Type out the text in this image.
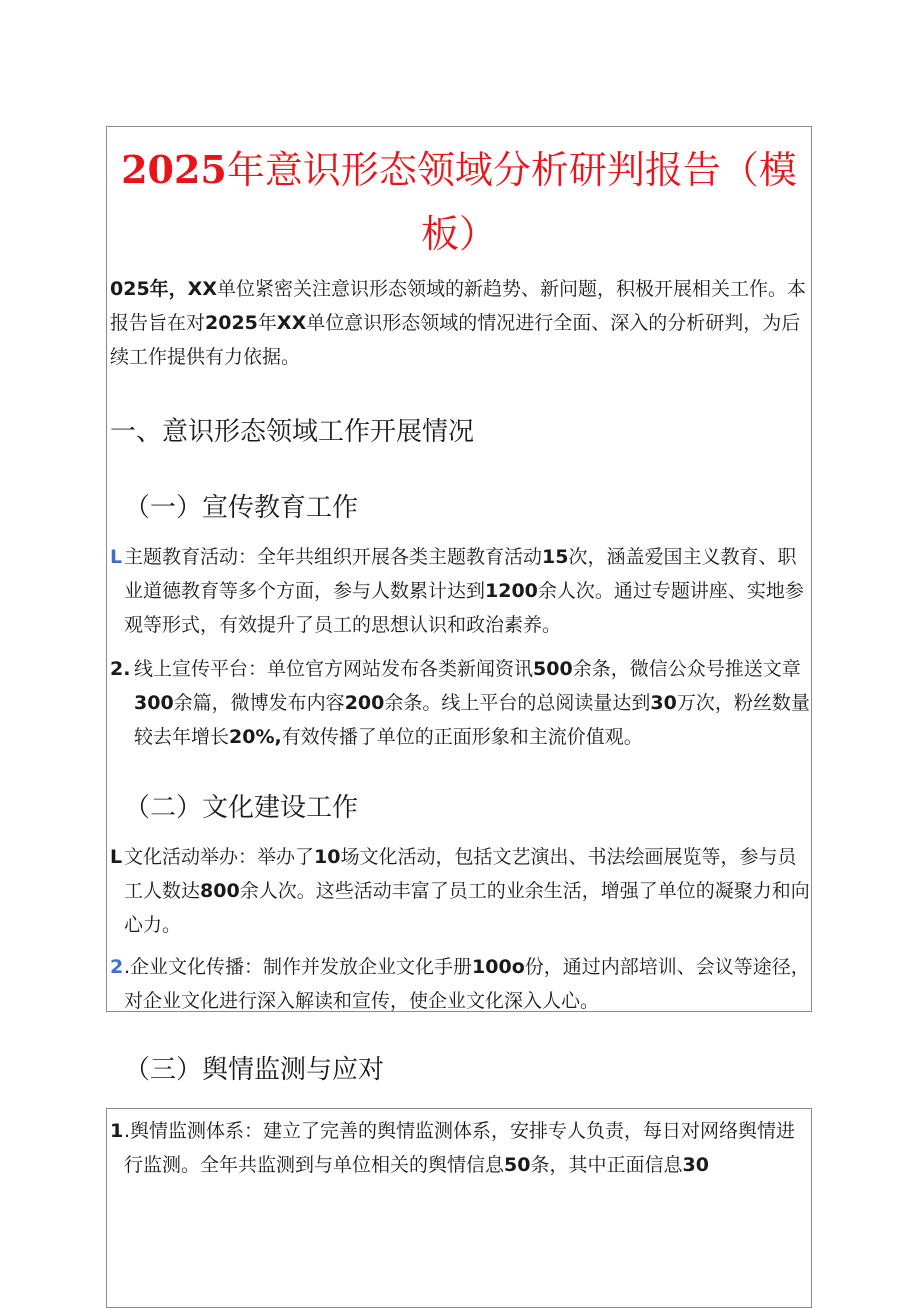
2025年意识形态领域分析研判报告（模板）

025年，XX单位紧密关注意识形态领域的新趋势、新问题，积极开展相关工作。本报告旨在对2025年XX单位意识形态领域的情况进行全面、深入的分析研判，为后续工作提供有力依据。

一、意识形态领域工作开展情况
（一）宣传教育工作

L 主题教育活动：全年共组织开展各类主题教育活动15次，涵盖爱国主义教育、职业道德教育等多个方面，参与人数累计达到1200余人次。通过专题讲座、实地参观等形式，有效提升了员工的思想认识和政治素养。

2. 线上宣传平台：单位官方网站发布各类新闻资讯500余条，微信公众号推送文章300余篇，微博发布内容200余条。线上平台的总阅读量达到30万次，粉丝数量较去年增长20%,有效传播了单位的正面形象和主流价值观。

（二）文化建设工作

L 文化活动举办：举办了10场文化活动，包括文艺演出、书法绘画展览等，参与员工人数达800余人次。这些活动丰富了员工的业余生活，增强了单位的凝聚力和向心力。

2 .企业文化传播：制作并发放企业文化手册100o份，通过内部培训、会议等途径，对企业文化进行深入解读和宣传，使企业文化深入人心。

（三）舆情监测与应对

1 .舆情监测体系：建立了完善的舆情监测体系，安排专人负责，每日对网络舆情进行监测。全年共监测到与单位相关的舆情信息50条，其中正面信息30
